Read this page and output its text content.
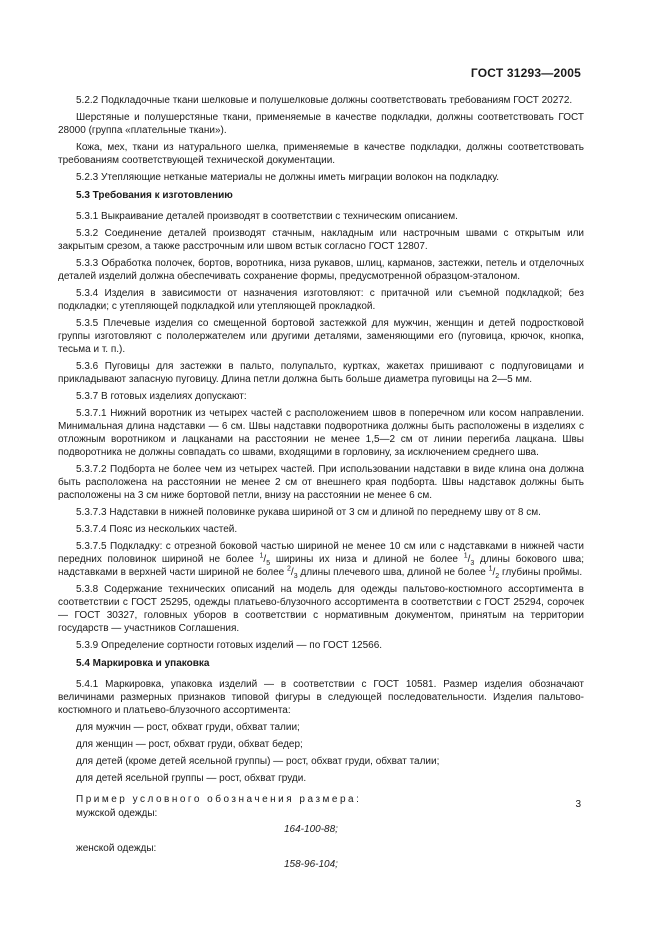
ГОСТ 31293—2005

5.2.2 Подкладочные ткани шелковые и полушелковые должны соответствовать требованиям ГОСТ 20272.

Шерстяные и полушерстяные ткани, применяемые в качестве подкладки, должны соответствовать ГОСТ 28000 (группа «плательные ткани»).

Кожа, мех, ткани из натурального шелка, применяемые в качестве подкладки, должны соответствовать требованиям соответствующей технической документации.

5.2.3 Утепляющие нетканые материалы не должны иметь миграции волокон на подкладку.

5.3 Требования к изготовлению

5.3.1 Выкраивание деталей производят в соответствии с техническим описанием.

5.3.2 Соединение деталей производят стачным, накладным или настрочным швами с открытым или закрытым срезом, а также расстрочным или швом встык согласно ГОСТ 12807.

5.3.3 Обработка полочек, бортов, воротника, низа рукавов, шлиц, карманов, застежки, петель и отделочных деталей изделий должна обеспечивать сохранение формы, предусмотренной образцом-эталоном.

5.3.4 Изделия в зависимости от назначения изготовляют: с притачной или съемной подкладкой; без подкладки; с утепляющей подкладкой или утепляющей прокладкой.

5.3.5 Плечевые изделия со смещенной бортовой застежкой для мужчин, женщин и детей подростковой группы изготовляют с пололержателем или другими деталями, заменяющими его (пуговица, крючок, кнопка, тесьма и т. п.).

5.3.6 Пуговицы для застежки в пальто, полупальто, куртках, жакетах пришивают с подпуговицами и прикладывают запасную пуговицу. Длина петли должна быть больше диаметра пуговицы на 2—5 мм.

5.3.7 В готовых изделиях допускают:

5.3.7.1 Нижний воротник из четырех частей с расположением швов в поперечном или косом направлении. Минимальная длина надставки — 6 см. Швы надставки подворотника должны быть расположены в изделиях с отложным воротником и лацканами на расстоянии не менее 1,5—2 см от линии перегиба лацкана. Швы подворотника не должны совпадать со швами, входящими в горловину, за исключением среднего шва.

5.3.7.2 Подборта не более чем из четырех частей. При использовании надставки в виде клина она должна быть расположена на расстоянии не менее 2 см от внешнего края подборта. Швы надставок должны быть расположены на 3 см ниже бортовой петли, внизу на расстоянии не менее 6 см.

5.3.7.3 Надставки в нижней половинке рукава шириной от 3 см и длиной по переднему шву от 8 см.

5.3.7.4 Пояс из нескольких частей.

5.3.7.5 Подкладку: с отрезной боковой частью шириной не менее 10 см или с надставками в нижней части передних половинок шириной не более $^1/_5$ ширины их низа и длиной не более $^1/_3$ длины бокового шва; надставками в верхней части шириной не более $^2/_3$ длины плечевого шва, длиной не более $^1/_2$ глубины проймы.

5.3.8 Содержание технических описаний на модель для одежды пальтово-костюмного ассортимента в соответствии с ГОСТ 25295, одежды платьево-блузочного ассортимента в соответствии с ГОСТ 25294, сорочек — ГОСТ 30327, головных уборов в соответствии с нормативным документом, принятым на территории государств — участников Соглашения.

5.3.9 Определение сортности готовых изделий — по ГОСТ 12566.

5.4 Маркировка и упаковка

5.4.1 Маркировка, упаковка изделий — в соответствии с ГОСТ 10581. Размер изделия обозначают величинами размерных признаков типовой фигуры в следующей последовательности. Изделия пальтово-костюмного и платьево-блузочного ассортимента:

для мужчин — рост, обхват груди, обхват талии;

для женщин — рост, обхват груди, обхват бедер;

для детей (кроме детей ясельной группы) — рост, обхват груди, обхват талии;

для детей ясельной группы — рост, обхват груди.

Пример условного обозначения размера:

мужской одежды:

164-100-88;

женской одежды:

158-96-104;

3
